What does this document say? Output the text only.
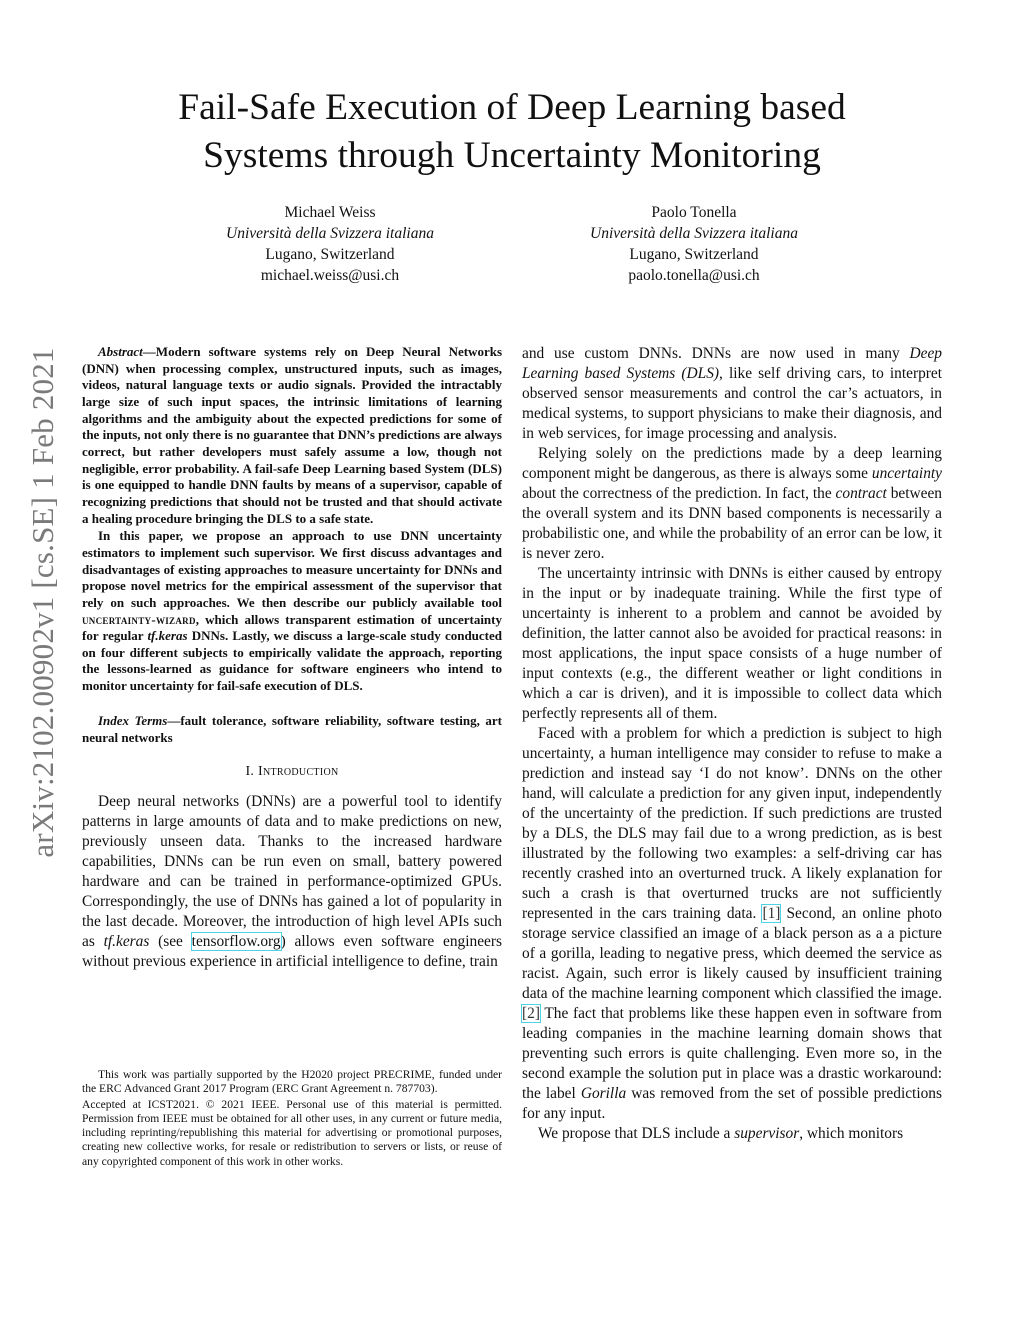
arXiv:2102.00902v1 [cs.SE] 1 Feb 2021
Fail-Safe Execution of Deep Learning based
Systems through Uncertainty Monitoring
Michael Weiss
Università della Svizzera italiana
Lugano, Switzerland
michael.weiss@usi.ch
Paolo Tonella
Università della Svizzera italiana
Lugano, Switzerland
paolo.tonella@usi.ch

Abstract—Modern software systems rely on Deep Neural Networks (DNN) when processing complex, unstructured inputs, such as images, videos, natural language texts or audio signals. Provided the intractably large size of such input spaces, the intrinsic limitations of learning algorithms and the ambiguity about the expected predictions for some of the inputs, not only there is no guarantee that DNN’s predictions are always correct, but rather developers must safely assume a low, though not negligible, error probability. A fail-safe Deep Learning based System (DLS) is one equipped to handle DNN faults by means of a supervisor, capable of recognizing predictions that should not be trusted and that should activate a healing procedure bringing the DLS to a safe state.

In this paper, we propose an approach to use DNN uncertainty estimators to implement such supervisor. We first discuss advantages and disadvantages of existing approaches to measure uncertainty for DNNs and propose novel metrics for the empirical assessment of the supervisor that rely on such approaches. We then describe our publicly available tool uncertainty-wizard, which allows transparent estimation of uncertainty for regular tf.keras DNNs. Lastly, we discuss a large-scale study conducted on four different subjects to empirically validate the approach, reporting the lessons-learned as guidance for software engineers who intend to monitor uncertainty for fail-safe execution of DLS.

Index Terms—fault tolerance, software reliability, software testing, art neural networks

I. Introduction

Deep neural networks (DNNs) are a powerful tool to identify patterns in large amounts of data and to make predictions on new, previously unseen data. Thanks to the increased hardware capabilities, DNNs can be run even on small, battery powered hardware and can be trained in performance-optimized GPUs. Correspondingly, the use of DNNs has gained a lot of popularity in the last decade. Moreover, the introduction of high level APIs such as tf.keras (see tensorflow.org) allows even software engineers without previous experience in artificial intelligence to define, train

This work was partially supported by the H2020 project PRECRIME, funded under the ERC Advanced Grant 2017 Program (ERC Grant Agreement n. 787703).

Accepted at ICST2021. © 2021 IEEE. Personal use of this material is permitted. Permission from IEEE must be obtained for all other uses, in any current or future media, including reprinting/republishing this material for advertising or promotional purposes, creating new collective works, for resale or redistribution to servers or lists, or reuse of any copyrighted component of this work in other works.

and use custom DNNs. DNNs are now used in many Deep Learning based Systems (DLS), like self driving cars, to interpret observed sensor measurements and control the car’s actuators, in medical systems, to support physicians to make their diagnosis, and in web services, for image processing and analysis.

Relying solely on the predictions made by a deep learning component might be dangerous, as there is always some uncertainty about the correctness of the prediction. In fact, the contract between the overall system and its DNN based components is necessarily a probabilistic one, and while the probability of an error can be low, it is never zero.

The uncertainty intrinsic with DNNs is either caused by entropy in the input or by inadequate training. While the first type of uncertainty is inherent to a problem and cannot be avoided by definition, the latter cannot also be avoided for practical reasons: in most applications, the input space consists of a huge number of input contexts (e.g., the different weather or light conditions in which a car is driven), and it is impossible to collect data which perfectly represents all of them.

Faced with a problem for which a prediction is subject to high uncertainty, a human intelligence may consider to refuse to make a prediction and instead say ‘I do not know’. DNNs on the other hand, will calculate a prediction for any given input, independently of the uncertainty of the prediction. If such predictions are trusted by a DLS, the DLS may fail due to a wrong prediction, as is best illustrated by the following two examples: a self-driving car has recently crashed into an overturned truck. A likely explanation for such a crash is that overturned trucks are not sufficiently represented in the cars training data. [1] Second, an online photo storage service classified an image of a black person as a a picture of a gorilla, leading to negative press, which deemed the service as racist. Again, such error is likely caused by insufficient training data of the machine learning component which classified the image. [2] The fact that problems like these happen even in software from leading companies in the machine learning domain shows that preventing such errors is quite challenging. Even more so, in the second example the solution put in place was a drastic workaround: the label Gorilla was removed from the set of possible predictions for any input.

We propose that DLS include a supervisor, which monitors
